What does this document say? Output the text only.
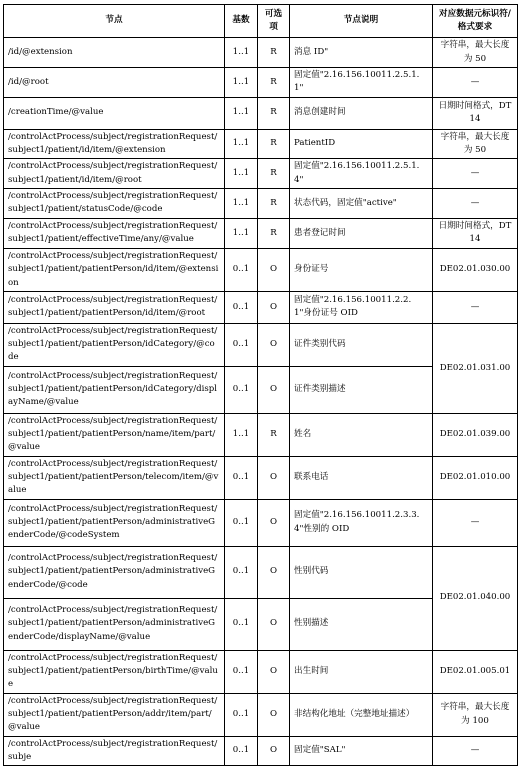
节点	基数	可选项	节点说明	对应数据元标识符/格式要求
/id/@extension	1..1	R	消息 ID"	字符串，最大长度为 50
/id/@root	1..1	R	固定值"2.16.156.10011.2.5.1.1"	—
/creationTime/@value	1..1	R	消息创建时间	日期时间格式，DT14
/controlActProcess/subject/registrationRequest/subject1/patient/id/item/@extension	1..1	R	PatientID	字符串，最大长度为 50
/controlActProcess/subject/registrationRequest/subject1/patient/id/item/@root	1..1	R	固定值"2.16.156.10011.2.5.1.4"	—
/controlActProcess/subject/registrationRequest/subject1/patient/statusCode/@code	1..1	R	状态代码，固定值"active"	—
/controlActProcess/subject/registrationRequest/subject1/patient/effectiveTime/any/@value	1..1	R	患者登记时间	日期时间格式，DT14
/controlActProcess/subject/registrationRequest/subject1/patient/patientPerson/id/item/@extension	0..1	O	身份证号	DE02.01.030.00
/controlActProcess/subject/registrationRequest/subject1/patient/patientPerson/id/item/@root	0..1	O	固定值"2.16.156.10011.2.2.1"身份证号 OID	—
/controlActProcess/subject/registrationRequest/subject1/patient/patientPerson/idCategory/@code	0..1	O	证件类别代码	DE02.01.031.00
/controlActProcess/subject/registrationRequest/subject1/patient/patientPerson/idCategory/displayName/@value	0..1	O	证件类别描述	
/controlActProcess/subject/registrationRequest/subject1/patient/patientPerson/name/item/part/@value	1..1	R	姓名	DE02.01.039.00
/controlActProcess/subject/registrationRequest/subject1/patient/patientPerson/telecom/item/@value	0..1	O	联系电话	DE02.01.010.00
/controlActProcess/subject/registrationRequest/subject1/patient/patientPerson/administrativeGenderCode/@codeSystem	0..1	O	固定值"2.16.156.10011.2.3.3.4"性别的 OID	—
/controlActProcess/subject/registrationRequest/subject1/patient/patientPerson/administrativeGenderCode/@code	0..1	O	性别代码	DE02.01.040.00
/controlActProcess/subject/registrationRequest/subject1/patient/patientPerson/administrativeGenderCode/displayName/@value	0..1	O	性别描述	
/controlActProcess/subject/registrationRequest/subject1/patient/patientPerson/birthTime/@value	0..1	O	出生时间	DE02.01.005.01
/controlActProcess/subject/registrationRequest/subject1/patient/patientPerson/addr/item/part/@value	0..1	O	非结构化地址（完整地址描述）	字符串，最大长度为 100
/controlActProcess/subject/registrationRequest/subje	0..1	O	固定值"SAL"	—
